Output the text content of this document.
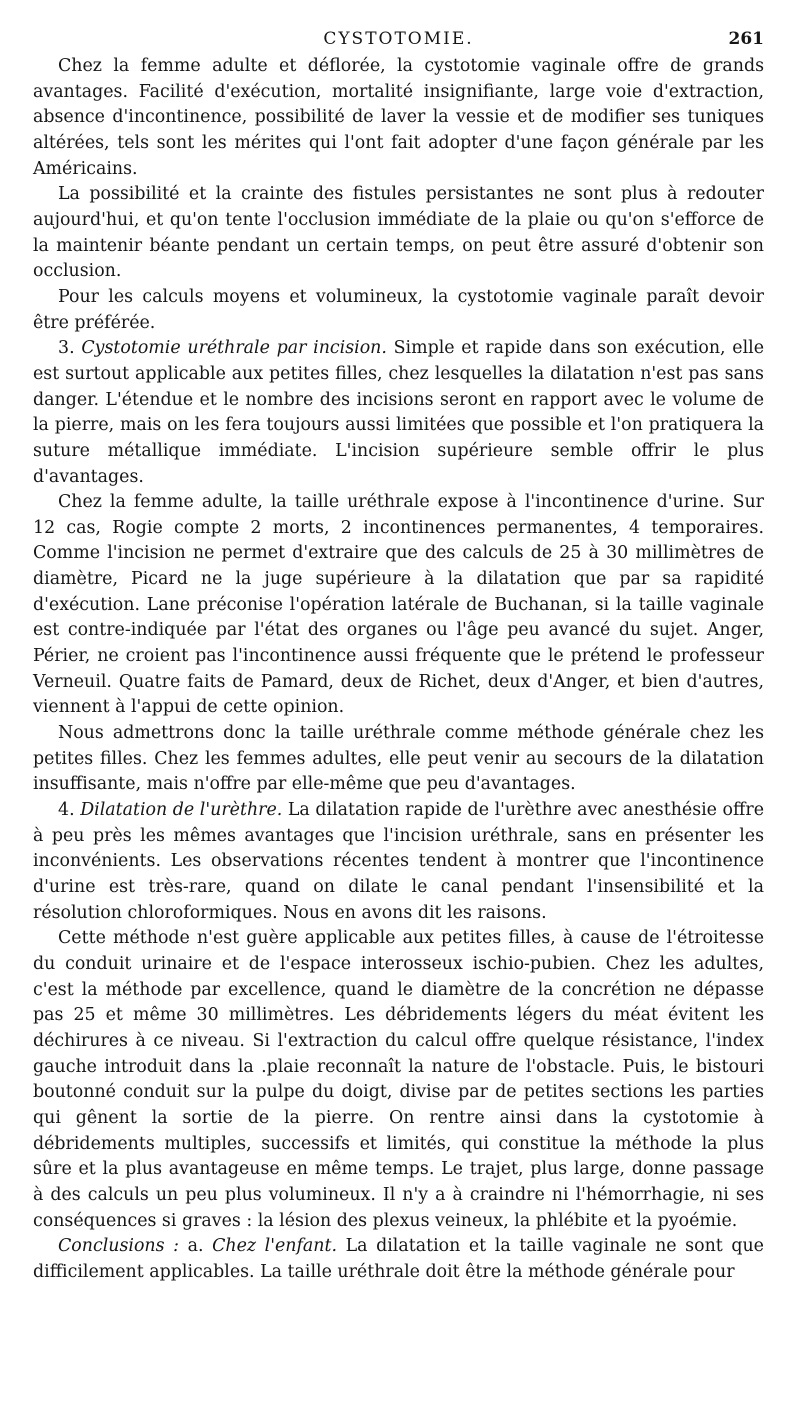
CYSTOTOMIE.	261

Chez la femme adulte et déflorée, la cystotomie vaginale offre de grands avantages. Facilité d'exécution, mortalité insignifiante, large voie d'extraction, absence d'incontinence, possibilité de laver la vessie et de modifier ses tuniques altérées, tels sont les mérites qui l'ont fait adopter d'une façon générale par les Américains.

La possibilité et la crainte des fistules persistantes ne sont plus à redouter aujourd'hui, et qu'on tente l'occlusion immédiate de la plaie ou qu'on s'efforce de la maintenir béante pendant un certain temps, on peut être assuré d'obtenir son occlusion.

Pour les calculs moyens et volumineux, la cystotomie vaginale paraît devoir être préférée.

3. Cystotomie uréthrale par incision. Simple et rapide dans son exécution, elle est surtout applicable aux petites filles, chez lesquelles la dilatation n'est pas sans danger. L'étendue et le nombre des incisions seront en rapport avec le volume de la pierre, mais on les fera toujours aussi limitées que possible et l'on pratiquera la suture métallique immédiate. L'incision supérieure semble offrir le plus d'avantages.

Chez la femme adulte, la taille uréthrale expose à l'incontinence d'urine. Sur 12 cas, Rogie compte 2 morts, 2 incontinences permanentes, 4 temporaires. Comme l'incision ne permet d'extraire que des calculs de 25 à 30 millimètres de diamètre, Picard ne la juge supérieure à la dilatation que par sa rapidité d'exécution. Lane préconise l'opération latérale de Buchanan, si la taille vaginale est contre-indiquée par l'état des organes ou l'âge peu avancé du sujet. Anger, Périer, ne croient pas l'incontinence aussi fréquente que le prétend le professeur Verneuil. Quatre faits de Pamard, deux de Richet, deux d'Anger, et bien d'autres, viennent à l'appui de cette opinion.

Nous admettrons donc la taille uréthrale comme méthode générale chez les petites filles. Chez les femmes adultes, elle peut venir au secours de la dilatation insuffisante, mais n'offre par elle-même que peu d'avantages.

4. Dilatation de l'urèthre. La dilatation rapide de l'urèthre avec anesthésie offre à peu près les mêmes avantages que l'incision uréthrale, sans en présenter les inconvénients. Les observations récentes tendent à montrer que l'incontinence d'urine est très-rare, quand on dilate le canal pendant l'insensibilité et la résolution chloroformiques. Nous en avons dit les raisons.

Cette méthode n'est guère applicable aux petites filles, à cause de l'étroitesse du conduit urinaire et de l'espace interosseux ischio-pubien. Chez les adultes, c'est la méthode par excellence, quand le diamètre de la concrétion ne dépasse pas 25 et même 30 millimètres. Les débridements légers du méat évitent les déchirures à ce niveau. Si l'extraction du calcul offre quelque résistance, l'index gauche introduit dans la .plaie reconnaît la nature de l'obstacle. Puis, le bistouri boutonné conduit sur la pulpe du doigt, divise par de petites sections les parties qui gênent la sortie de la pierre. On rentre ainsi dans la cystotomie à débridements multiples, successifs et limités, qui constitue la méthode la plus sûre et la plus avantageuse en même temps. Le trajet, plus large, donne passage à des calculs un peu plus volumineux. Il n'y a à craindre ni l'hémorrhagie, ni ses conséquences si graves : la lésion des plexus veineux, la phlébite et la pyoémie.

Conclusions : a. Chez l'enfant. La dilatation et la taille vaginale ne sont que difficilement applicables. La taille uréthrale doit être la méthode générale pour
